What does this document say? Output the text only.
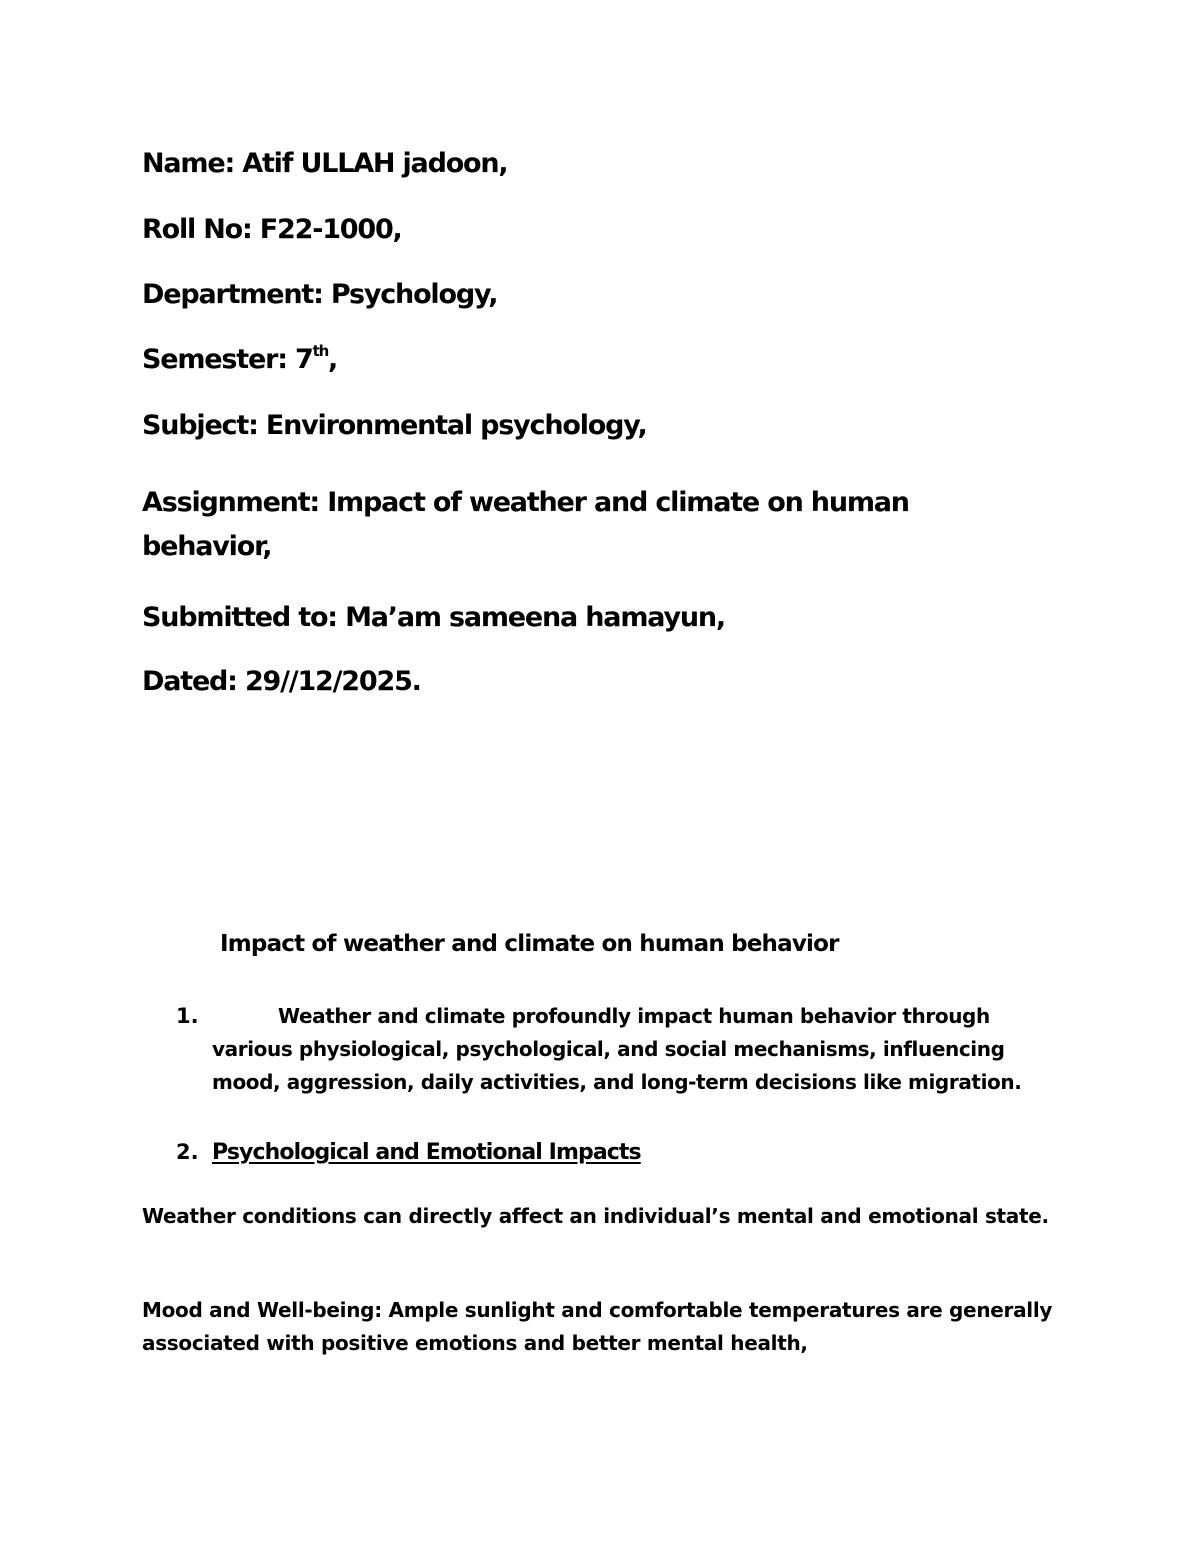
Name: Atif ULLAH jadoon,
Roll No: F22-1000,
Department: Psychology,
Semester: 7th,
Subject: Environmental psychology,
Assignment: Impact of weather and climate on human behavior,
Submitted to: Ma’am sameena hamayun,
Dated: 29//12/2025.
Impact of weather and climate on human behavior
1.	Weather and climate profoundly impact human behavior through various physiological, psychological, and social mechanisms, influencing mood, aggression, daily activities, and long-term decisions like migration.
2. Psychological and Emotional Impacts
Weather conditions can directly affect an individual’s mental and emotional state.
Mood and Well-being: Ample sunlight and comfortable temperatures are generally associated with positive emotions and better mental health,
